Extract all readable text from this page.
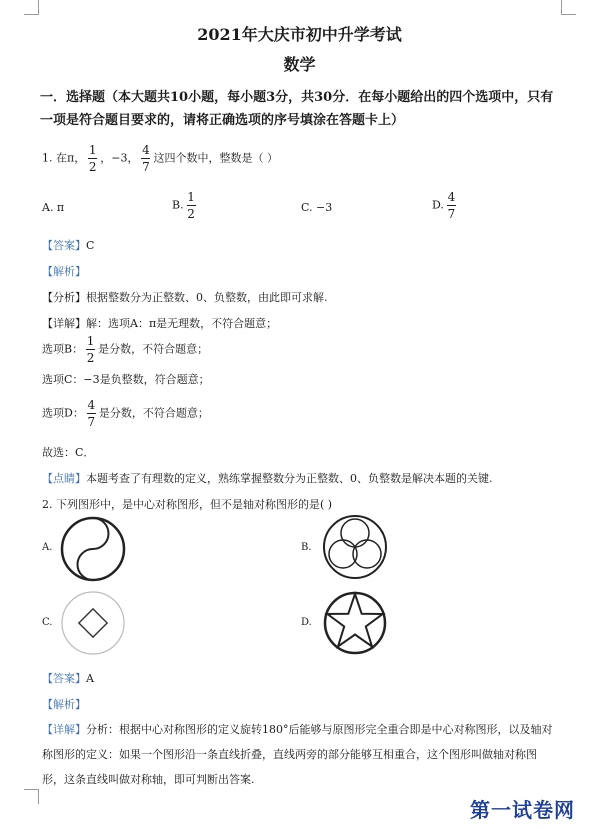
2021年大庆市初中升学考试
数学
一．选择题（本大题共10小题，每小题3分，共30分．在每小题给出的四个选项中，只有
一项是符合题目要求的，请将正确选项的序号填涂在答题卡上）
1. 在π， $\frac{1}{2}$ ，−3， $\frac{4}{7}$ 这四个数中，整数是（ ）
A. π	B. $\frac{1}{2}$	C. −3	D. $\frac{4}{7}$
【答案】C
【解析】
【分析】根据整数分为正整数、0、负整数，由此即可求解.
【详解】解：选项A：π是无理数，不符合题意；
选项B： $\frac{1}{2}$ 是分数，不符合题意；
选项C：−3是负整数，符合题意；
选项D： $\frac{4}{7}$ 是分数，不符合题意；
故选：C．
【点睛】本题考查了有理数的定义，熟练掌握整数分为正整数、0、负整数是解决本题的关键.
2. 下列图形中，是中心对称图形，但不是轴对称图形的是( )
A.	B.
C.	D.
【答案】A
【解析】
【详解】分析：根据中心对称图形的定义旋转180°后能够与原图形完全重合即是中心对称图形，以及轴对
称图形的定义：如果一个图形沿一条直线折叠，直线两旁的部分能够互相重合，这个图形叫做轴对称图
形，这条直线叫做对称轴，即可判断出答案.
第一试卷网
